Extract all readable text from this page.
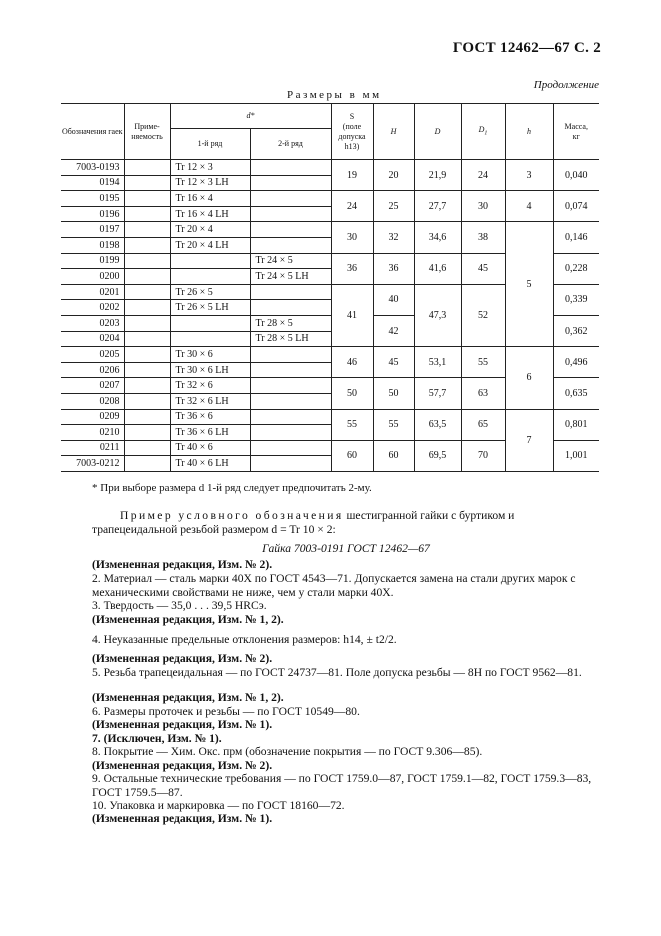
ГОСТ 12462—67 С. 2
Продолжение
Размеры в мм
Обозначения гаек	Приме-
няемость	d*		S
(поле
допуска
h13)	H	D	$D_1$	h	Масса,
кг
		1-й ряд	2-й ряд						
7003-0193		Tr 12 × 3		19	20	21,9	24	3	0,040
0194		Tr 12 × 3 LH							
0195		Tr 16 × 4		24	25	27,7	30	4	0,074
0196		Tr 16 × 4 LH							
0197		Tr 20 × 4		30	32	34,6	38	5	0,146
0198		Tr 20 × 4 LH							
0199			Tr 24 × 5	36	36	41,6	45		0,228
0200			Tr 24 × 5 LH						
0201		Tr 26 × 5		41	40	47,3	52		0,339
0202		Tr 26 × 5 LH							
0203			Tr 28 × 5		42				0,362
0204			Tr 28 × 5 LH						
0205		Tr 30 × 6		46	45	53,1	55	6	0,496
0206		Tr 30 × 6 LH							
0207		Tr 32 × 6		50	50	57,7	63		0,635
0208		Tr 32 × 6 LH							
0209		Tr 36 × 6		55	55	63,5	65	7	0,801
0210		Tr 36 × 6 LH							
0211		Tr 40 × 6		60	60	69,5	70		1,001
7003-0212		Tr 40 × 6 LH							
* При выборе размера d 1-й ряд следует предпочитать 2-му.
Пример условного обозначения шестигранной гайки с буртиком и трапецеидальной резьбой размером d = Tr 10 × 2:
Гайка 7003-0191 ГОСТ 12462—67
(Измененная редакция, Изм. № 2).
2. Материал — сталь марки 40Х по ГОСТ 4543—71. Допускается замена на стали других марок с механическими свойствами не ниже, чем у стали марки 40Х.
3. Твердость — 35,0 . . . 39,5 HRCэ.
(Измененная редакция, Изм. № 1, 2).
4. Неуказанные предельные отклонения размеров: h14, ± t2/2.
(Измененная редакция, Изм. № 2).
5. Резьба трапецеидальная — по ГОСТ 24737—81. Поле допуска резьбы — 8Н по ГОСТ 9562—81.
(Измененная редакция, Изм. № 1, 2).
6. Размеры проточек и резьбы — по ГОСТ 10549—80.
(Измененная редакция, Изм. № 1).
7. (Исключен, Изм. № 1).
8. Покрытие — Хим. Окс. прм (обозначение покрытия — по ГОСТ 9.306—85).
(Измененная редакция, Изм. № 2).
9. Остальные технические требования — по ГОСТ 1759.0—87, ГОСТ 1759.1—82, ГОСТ 1759.3—83, ГОСТ 1759.5—87.
10. Упаковка и маркировка — по ГОСТ 18160—72.
(Измененная редакция, Изм. № 1).
